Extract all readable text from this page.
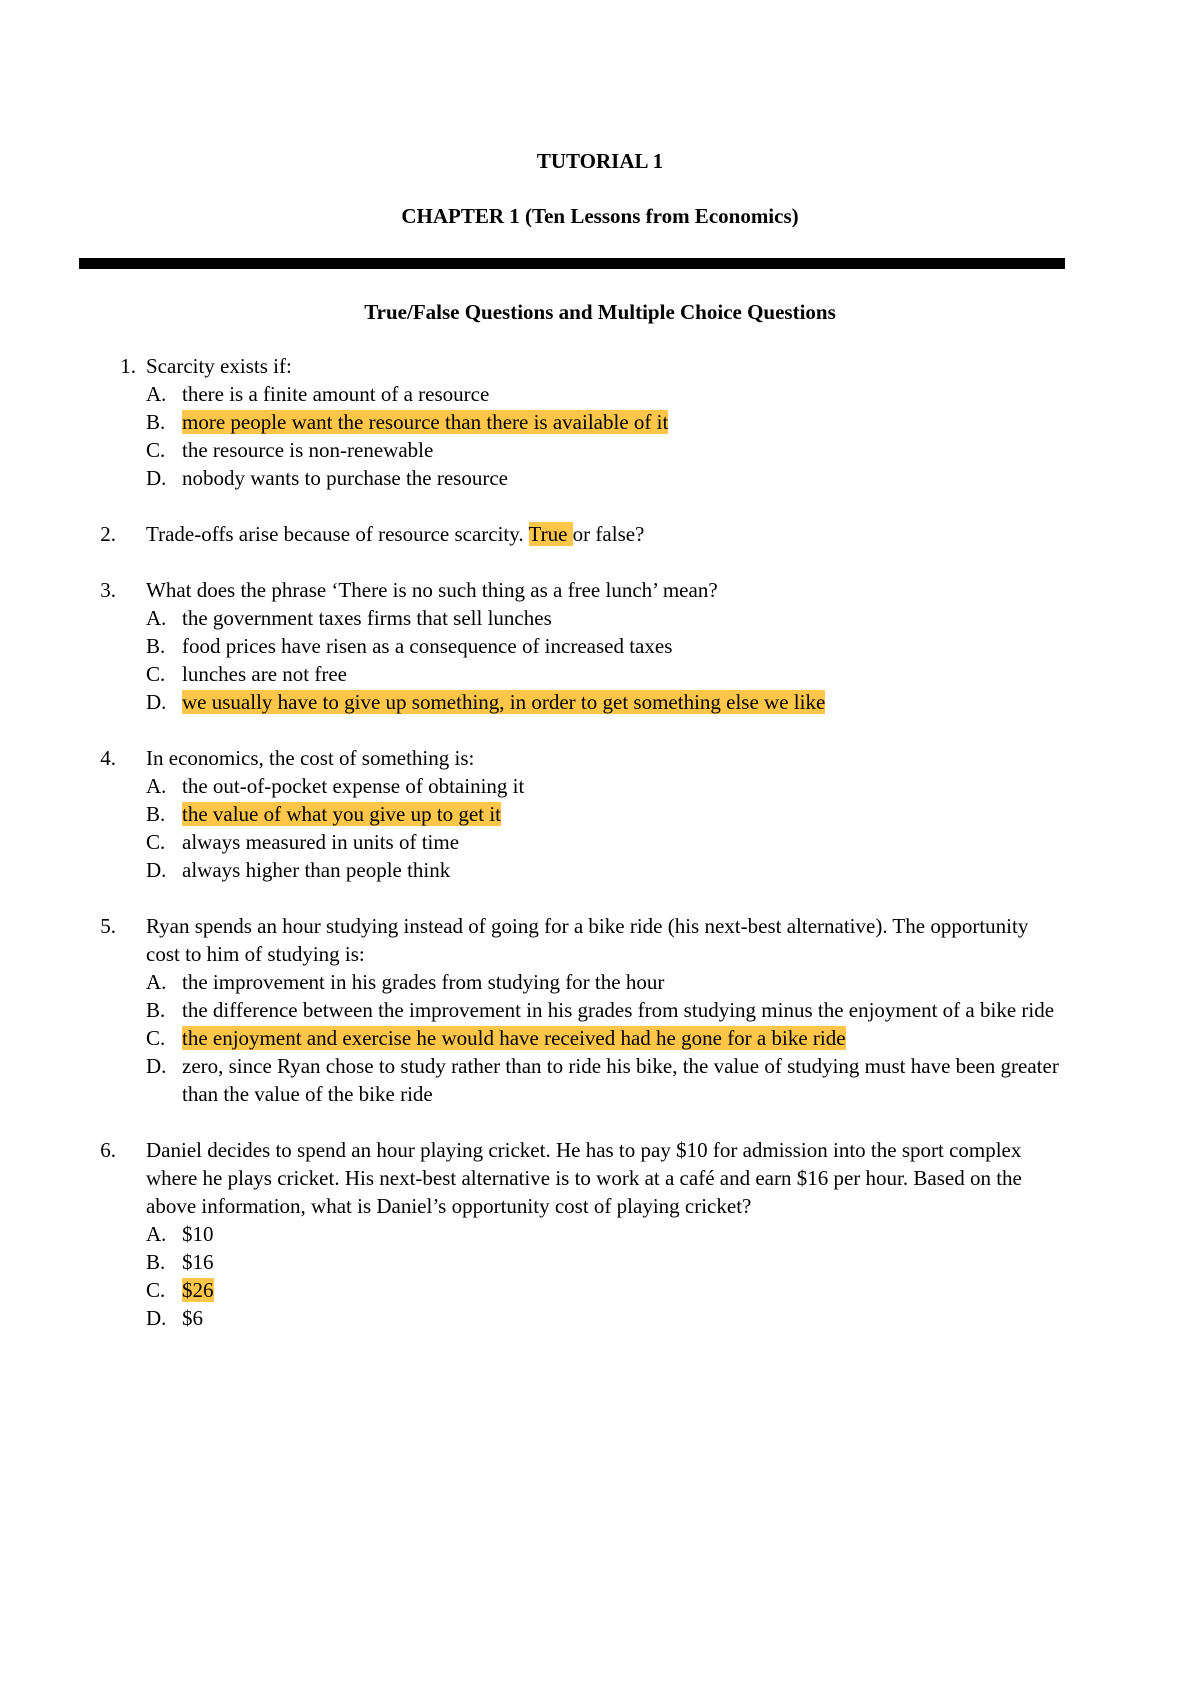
TUTORIAL 1

CHAPTER 1 (Ten Lessons from Economics)

True/False Questions and Multiple Choice Questions

1. Scarcity exists if:
A. there is a finite amount of a resource
B. more people want the resource than there is available of it
C. the resource is non-renewable
D. nobody wants to purchase the resource
2. Trade-offs arise because of resource scarcity. True or false?
3. What does the phrase ‘There is no such thing as a free lunch’ mean?
A. the government taxes firms that sell lunches
B. food prices have risen as a consequence of increased taxes
C. lunches are not free
D. we usually have to give up something, in order to get something else we like
4. In economics, the cost of something is:
A. the out-of-pocket expense of obtaining it
B. the value of what you give up to get it
C. always measured in units of time
D. always higher than people think
5. Ryan spends an hour studying instead of going for a bike ride (his next-best alternative). The opportunity cost to him of studying is:
A. the improvement in his grades from studying for the hour
B. the difference between the improvement in his grades from studying minus the enjoyment of a bike ride
C. the enjoyment and exercise he would have received had he gone for a bike ride
D. zero, since Ryan chose to study rather than to ride his bike, the value of studying must have been greater than the value of the bike ride
6. Daniel decides to spend an hour playing cricket. He has to pay $10 for admission into the sport complex where he plays cricket. His next-best alternative is to work at a café and earn $16 per hour. Based on the above information, what is Daniel’s opportunity cost of playing cricket?
A. $10
B. $16
C. $26
D. $6
